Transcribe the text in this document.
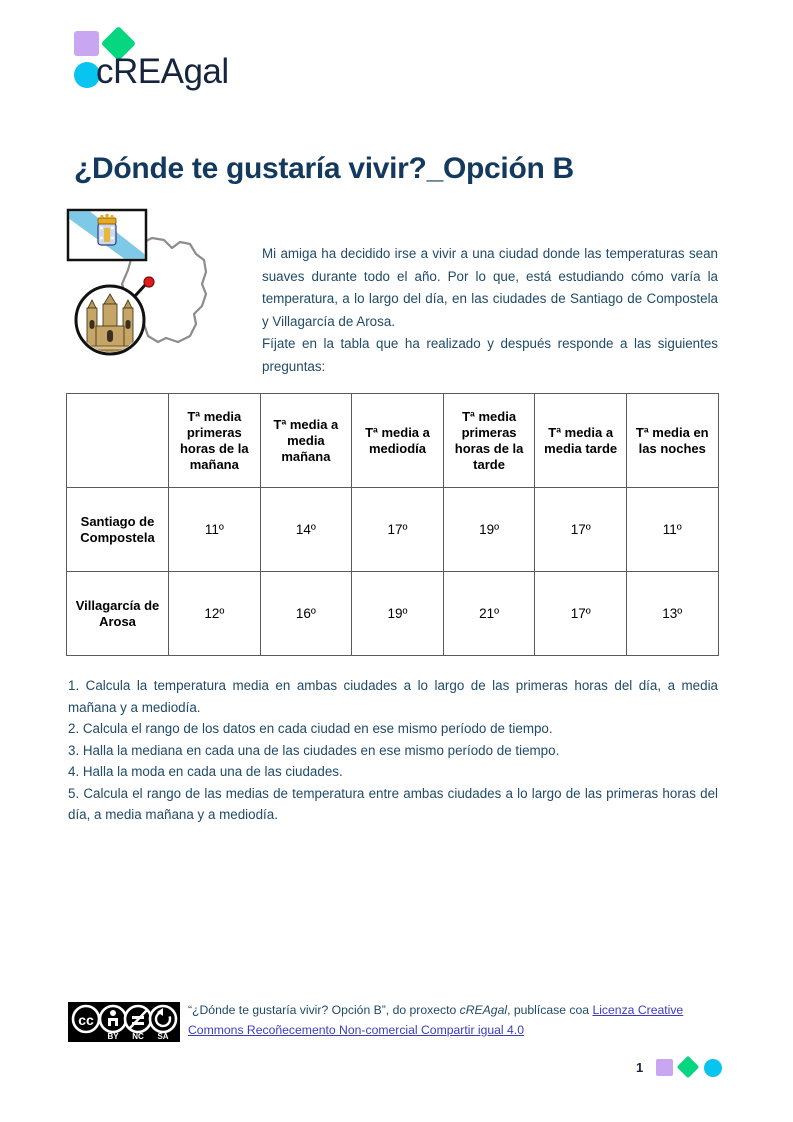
cREAgal
¿Dónde te gustaría vivir?_Opción B

Mi amiga ha decidido irse a vivir a una ciudad donde las temperaturas sean suaves durante todo el año. Por lo que, está estudiando cómo varía la temperatura, a lo largo del día, en las ciudades de Santiago de Compostela y Villagarcía de Arosa.

Fíjate en la tabla que ha realizado y después responde a las siguientes preguntas:

	Tª media primeras horas de la mañana	Tª media a media mañana	Tª media a mediodía	Tª media primeras horas de la tarde	Tª media a media tarde	Tª media en las noches
Santiago de Compostela	11º	14º	17º	19º	17º	11º
Villagarcía de Arosa	12º	16º	19º	21º	17º	13º

1. Calcula la temperatura media en ambas ciudades a lo largo de las primeras horas del día, a media mañana y a mediodía.

2. Calcula el rango de los datos en cada ciudad en ese mismo período de tiempo.

3. Halla la mediana en cada una de las ciudades en ese mismo período de tiempo.

4. Halla la moda en cada una de las ciudades.

5. Calcula el rango de las medias de temperatura entre ambas ciudades a lo largo de las primeras horas del día, a media mañana y a mediodía.

cc
BY NC SA
“¿Dónde te gustaría vivir? Opción B”, do proxecto cREAgal, publícase coa Licenza Creative Commons Recoñecemento Non-comercial Compartir igual 4.0
1
